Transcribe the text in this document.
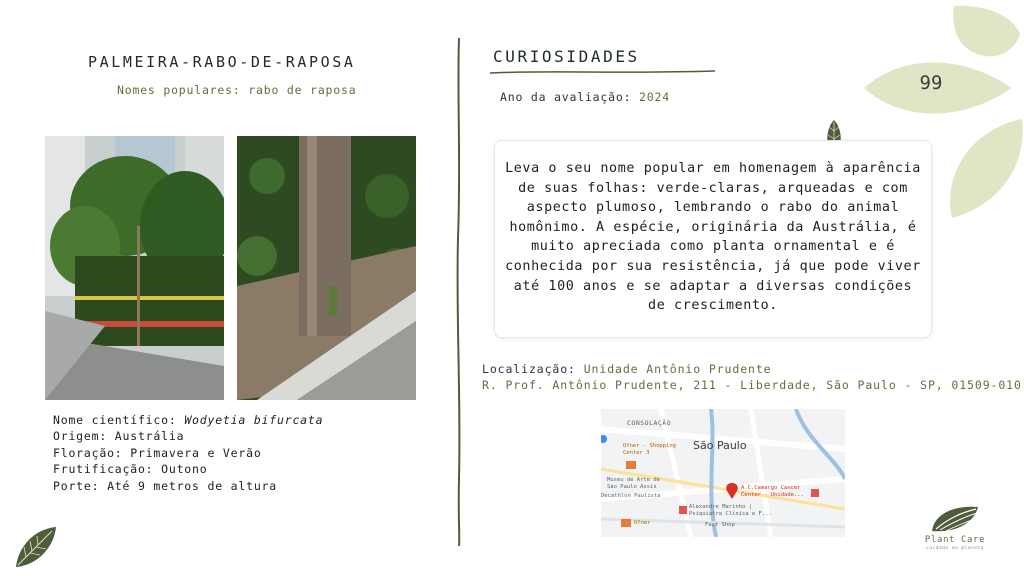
PALMEIRA-RABO-DE-RAPOSA
Nomes populares: rabo de raposa
Nome científico: Wodyetia bifurcata
Origem: Austrália
Floração: Primavera e Verão
Frutificação: Outono
Porte: Até 9 metros de altura
CURIOSIDADES
Ano da avaliação: 2024
Leva o seu nome popular em homenagem à aparência de suas folhas: verde-claras, arqueadas e com aspecto plumoso, lembrando o rabo do animal homônimo. A espécie, originária da Austrália, é muito apreciada como planta ornamental e é conhecida por sua resistência, já que pode viver até 100 anos e se adaptar a diversas condições de crescimento.
Localização: Unidade Antônio Prudente
R. Prof. Antônio Prudente, 211 - Liberdade, São Paulo - SP, 01509-010
CONSOLAÇÃO
São Paulo
Ofner - Shopping
Center 3
Museu de Arte de
São Paulo Assis
Decathlon Paulista
A.C.Camargo Cancer
Center - Unidade...
Alexandre Marinho |
Psiquiatra Clínica e F...
Ofner	Fast Shop
99
Plant Care
cuidado ao planeta
